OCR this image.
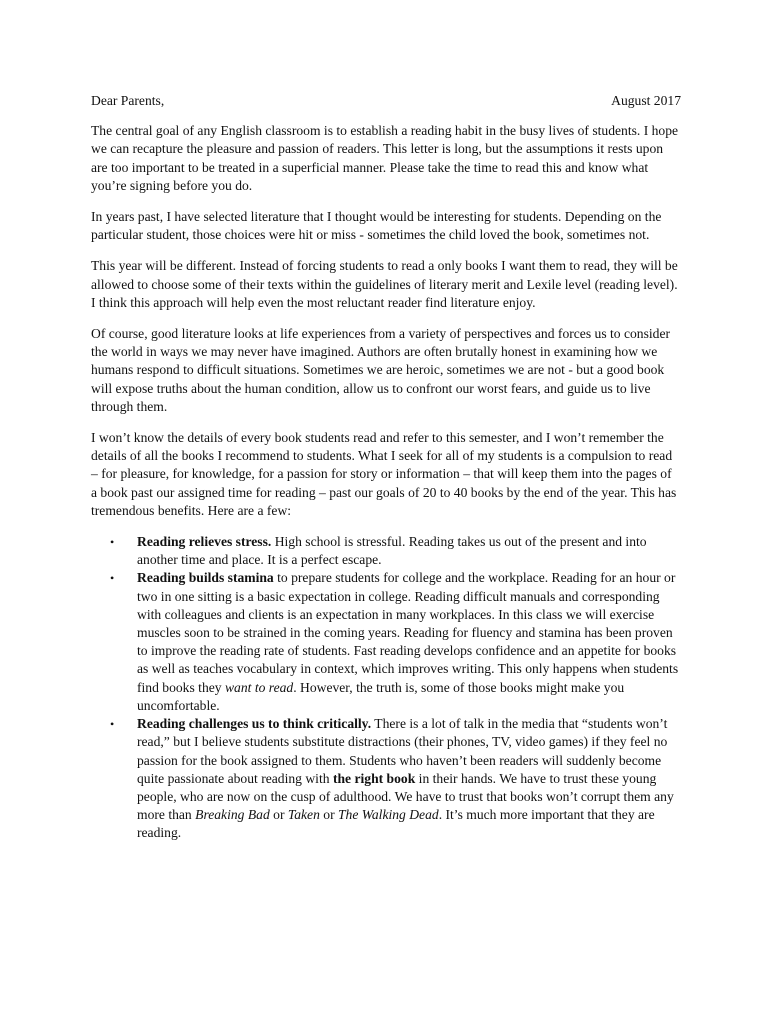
Dear Parents,	August 2017

The central goal of any English classroom is to establish a reading habit in the busy lives of students. I hope we can recapture the pleasure and passion of readers. This letter is long, but the assumptions it rests upon are too important to be treated in a superficial manner. Please take the time to read this and know what you’re signing before you do.

In years past, I have selected literature that I thought would be interesting for students. Depending on the particular student, those choices were hit or miss - sometimes the child loved the book, sometimes not.

This year will be different. Instead of forcing students to read a only books I want them to read, they will be allowed to choose some of their texts within the guidelines of literary merit and Lexile level (reading level). I think this approach will help even the most reluctant reader find literature enjoy.

Of course, good literature looks at life experiences from a variety of perspectives and forces us to consider the world in ways we may never have imagined. Authors are often brutally honest in examining how we humans respond to difficult situations. Sometimes we are heroic, sometimes we are not - but a good book will expose truths about the human condition, allow us to confront our worst fears, and guide us to live through them.

I won’t know the details of every book students read and refer to this semester, and I won’t remember the details of all the books I recommend to students. What I seek for all of my students is a compulsion to read – for pleasure, for knowledge, for a passion for story or information – that will keep them into the pages of a book past our assigned time for reading – past our goals of 20 to 40 books by the end of the year. This has tremendous benefits. Here are a few:

• Reading relieves stress. High school is stressful. Reading takes us out of the present and into another time and place. It is a perfect escape.
• Reading builds stamina to prepare students for college and the workplace. Reading for an hour or two in one sitting is a basic expectation in college. Reading difficult manuals and corresponding with colleagues and clients is an expectation in many workplaces. In this class we will exercise muscles soon to be strained in the coming years. Reading for fluency and stamina has been proven to improve the reading rate of students. Fast reading develops confidence and an appetite for books as well as teaches vocabulary in context, which improves writing. This only happens when students find books they want to read. However, the truth is, some of those books might make you uncomfortable.
• Reading challenges us to think critically. There is a lot of talk in the media that “students won’t read,” but I believe students substitute distractions (their phones, TV, video games) if they feel no passion for the book assigned to them. Students who haven’t been readers will suddenly become quite passionate about reading with the right book in their hands. We have to trust these young people, who are now on the cusp of adulthood. We have to trust that books won’t corrupt them any more than Breaking Bad or Taken or The Walking Dead. It’s much more important that they are reading.
